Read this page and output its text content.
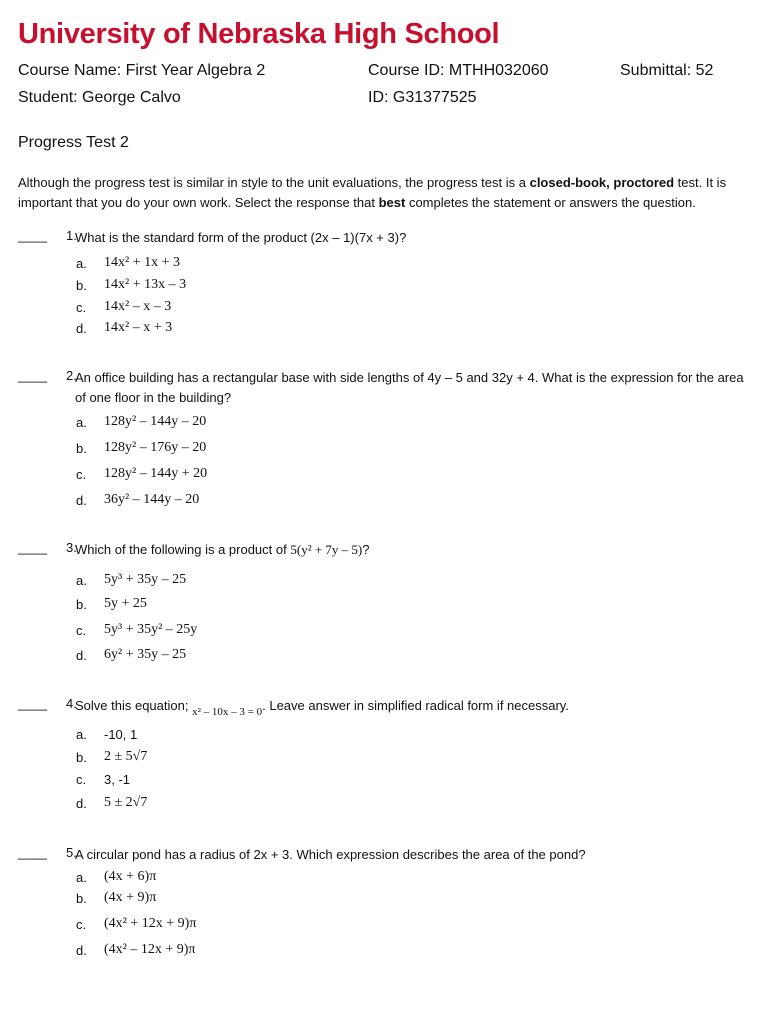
University of Nebraska High School
Course Name: First Year Algebra 2	Course ID: MTHH032060	Submittal: 52
Student: George Calvo	ID: G31377525
Progress Test 2
Although the progress test is similar in style to the unit evaluations, the progress test is a closed-book, proctored test. It is important that you do your own work. Select the response that best completes the statement or answers the question.
____ 1.
What is the standard form of the product (2x – 1)(7x + 3)?
a. 14x² + 1x + 3
b. 14x² + 13x – 3
c. 14x² – x – 3
d. 14x² – x + 3
____ 2.
An office building has a rectangular base with side lengths of 4y – 5 and 32y + 4. What is the expression for the area of one floor in the building?
a. 128y² – 144y – 20
b. 128y² – 176y – 20
c. 128y² – 144y + 20
d. 36y² – 144y – 20
____ 3.
Which of the following is a product of 5(y² + 7y – 5)?
a. 5y³ + 35y – 25
b. 5y + 25
c. 5y³ + 35y² – 25y
d. 6y² + 35y – 25
____ 4.
Solve this equation; $_{x^2 - 10x - 3 = 0}$. Leave answer in simplified radical form if necessary.
a. -10, 1
b. 2 ± 5√7
c. 3, -1
d. 5 ± 2√7
____ 5.
A circular pond has a radius of 2x + 3. Which expression describes the area of the pond?
a. (4x + 6)π
b. (4x + 9)π
c. (4x² + 12x + 9)π
d. (4x² – 12x + 9)π
